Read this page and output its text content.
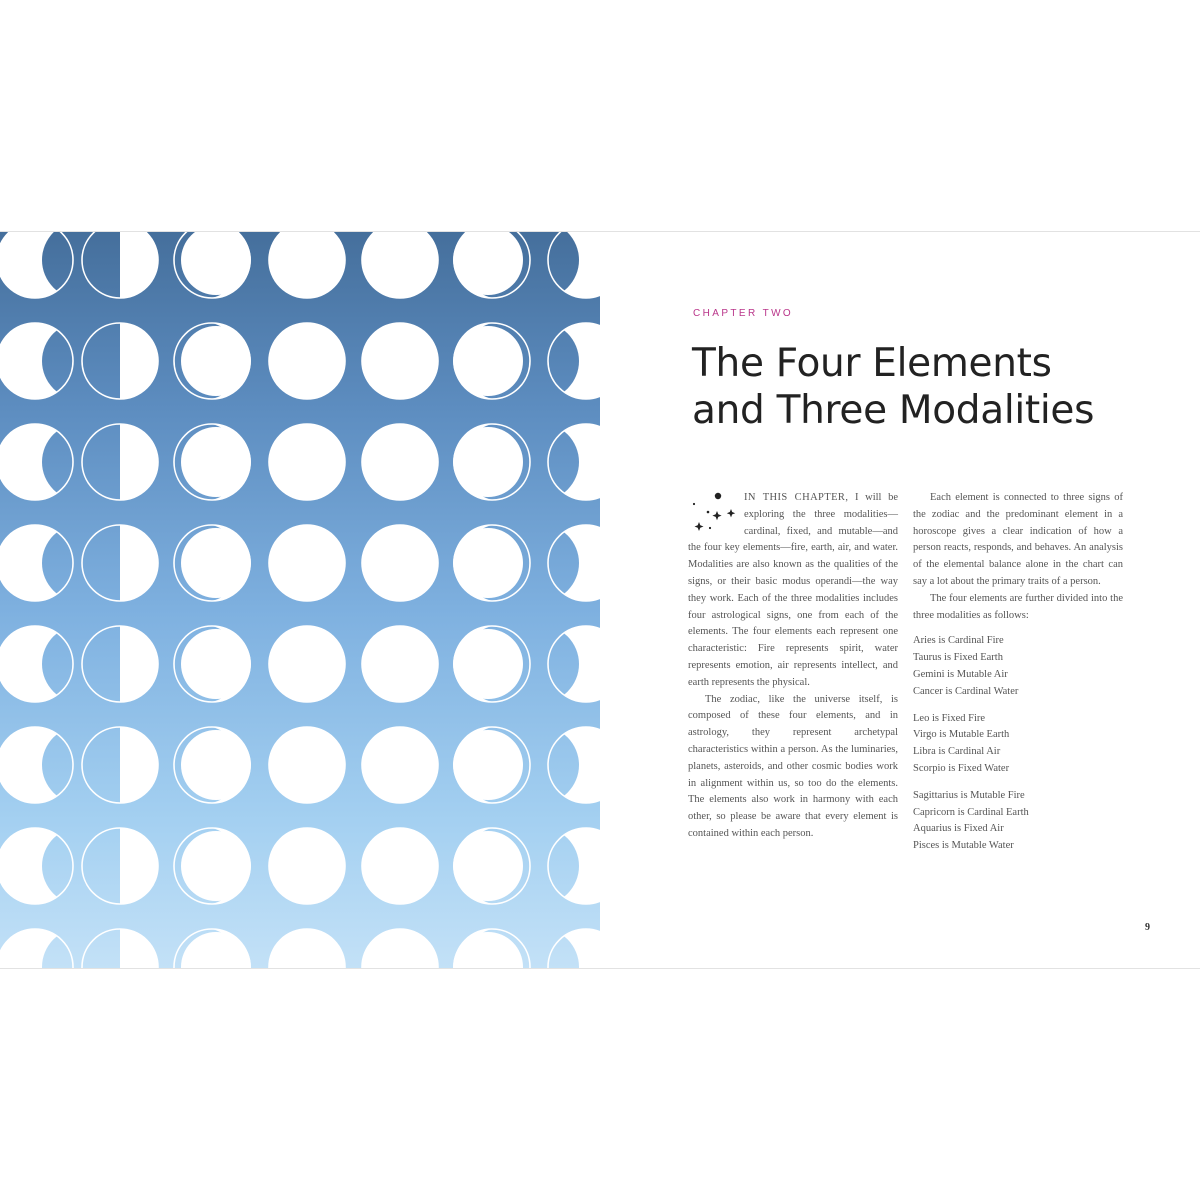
CHAPTER TWO

The Four Elements
and Three Modalities

IN THIS CHAPTER, I will be exploring the three modalities—cardinal, fixed, and mutable—and the four key elements—fire, earth, air, and water. Modalities are also known as the qualities of the signs, or their basic modus operandi—the way they work. Each of the three modalities includes four astrological signs, one from each of the elements. The four elements each represent one characteristic: Fire represents spirit, water represents emotion, air represents intellect, and earth represents the physical.

The zodiac, like the universe itself, is composed of these four elements, and in astrology, they represent archetypal characteristics within a person. As the luminaries, planets, asteroids, and other cosmic bodies work in alignment within us, so too do the elements. The elements also work in harmony with each other, so please be aware that every element is contained within each person.

Each element is connected to three signs of the zodiac and the predominant element in a horoscope gives a clear indication of how a person reacts, responds, and behaves. An analysis of the elemental balance alone in the chart can say a lot about the primary traits of a person.

The four elements are further divided into the three modalities as follows:

Aries is Cardinal Fire
Taurus is Fixed Earth
Gemini is Mutable Air
Cancer is Cardinal Water
Leo is Fixed Fire
Virgo is Mutable Earth
Libra is Cardinal Air
Scorpio is Fixed Water
Sagittarius is Mutable Fire
Capricorn is Cardinal Earth
Aquarius is Fixed Air
Pisces is Mutable Water
9
